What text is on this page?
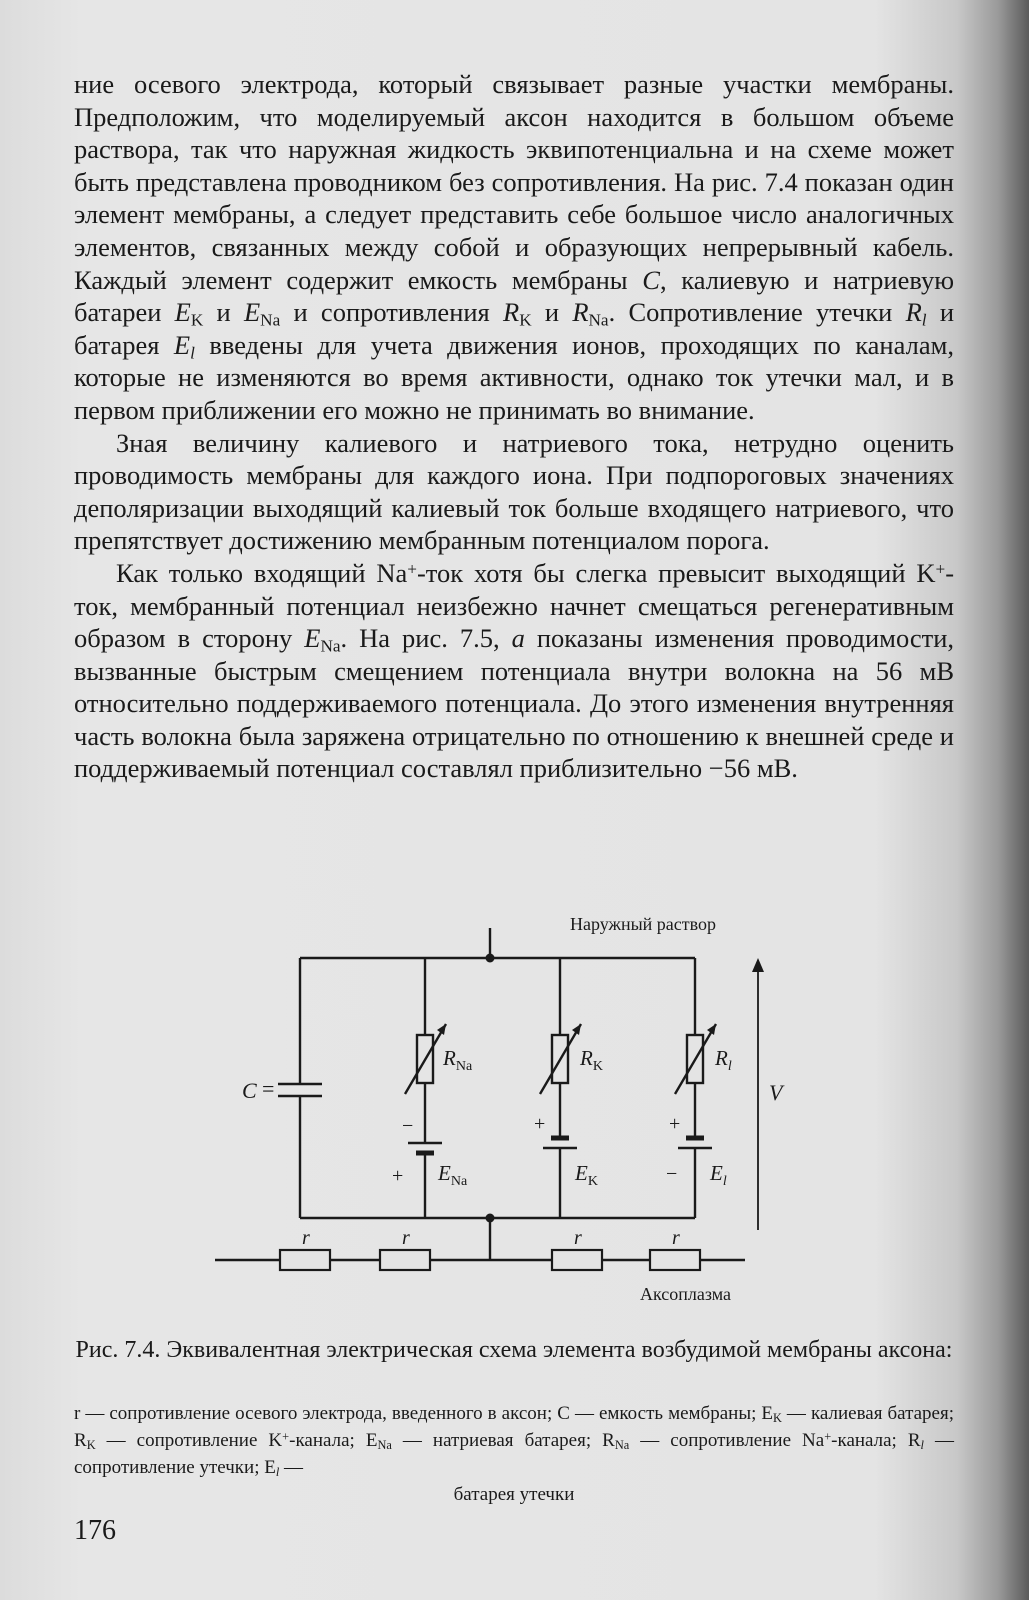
ние осевого электрода, который связывает разные участки мембраны. Предположим, что моделируемый аксон находится в большом объеме раствора, так что наружная жидкость эквипотенциальна и на схеме может быть представлена проводником без сопротивления. На рис. 7.4 показан один элемент мембраны, а следует представить себе большое число аналогичных элементов, связанных между собой и образующих непрерывный кабель. Каждый элемент содержит емкость мембраны C, калиевую и натриевую батареи $E_K$ и $E_{Na}$ и сопротивления $R_K$ и $R_{Na}$. Сопротивление утечки $R_l$ и батарея $E_l$ введены для учета движения ионов, проходящих по каналам, которые не изменяются во время активности, однако ток утечки мал, и в первом приближении его можно не принимать во внимание.

Зная величину калиевого и натриевого тока, нетрудно оценить проводимость мембраны для каждого иона. При подпороговых значениях деполяризации выходящий калиевый ток больше входящего натриевого, что препятствует достижению мембранным потенциалом порога.

Как только входящий Na+-ток хотя бы слегка превысит выходящий K+-ток, мембранный потенциал неизбежно начнет смещаться регенеративным образом в сторону $E_{Na}$. На рис. 7.5, а показаны изменения проводимости, вызванные быстрым смещением потенциала внутри волокна на 56 мВ относительно поддерживаемого потенциала. До этого изменения внутренняя часть волокна была заряжена отрицательно по отношению к внешней среде и поддерживаемый потенциал составлял приблизительно −56 мВ.

Наружный раствор
Аксоплазма
C =	V
$R_{Na}$	$R_K$	$R_l$
$E_{Na}$	$E_K$	$E_l$
−
+
+	+
−
r	r	r	r
Рис. 7.4. Эквивалентная электрическая схема элемента возбудимой мембраны аксона:
r — сопротивление осевого электрода, введенного в аксон; C — емкость мембраны; $E_K$ — калиевая батарея; $R_K$ — сопротивление K+-канала; $E_{Na}$ — натриевая батарея; $R_{Na}$ — сопротивление Na+-канала; $R_l$ — сопротивление утечки; $E_l$ —
батарея утечки
176
